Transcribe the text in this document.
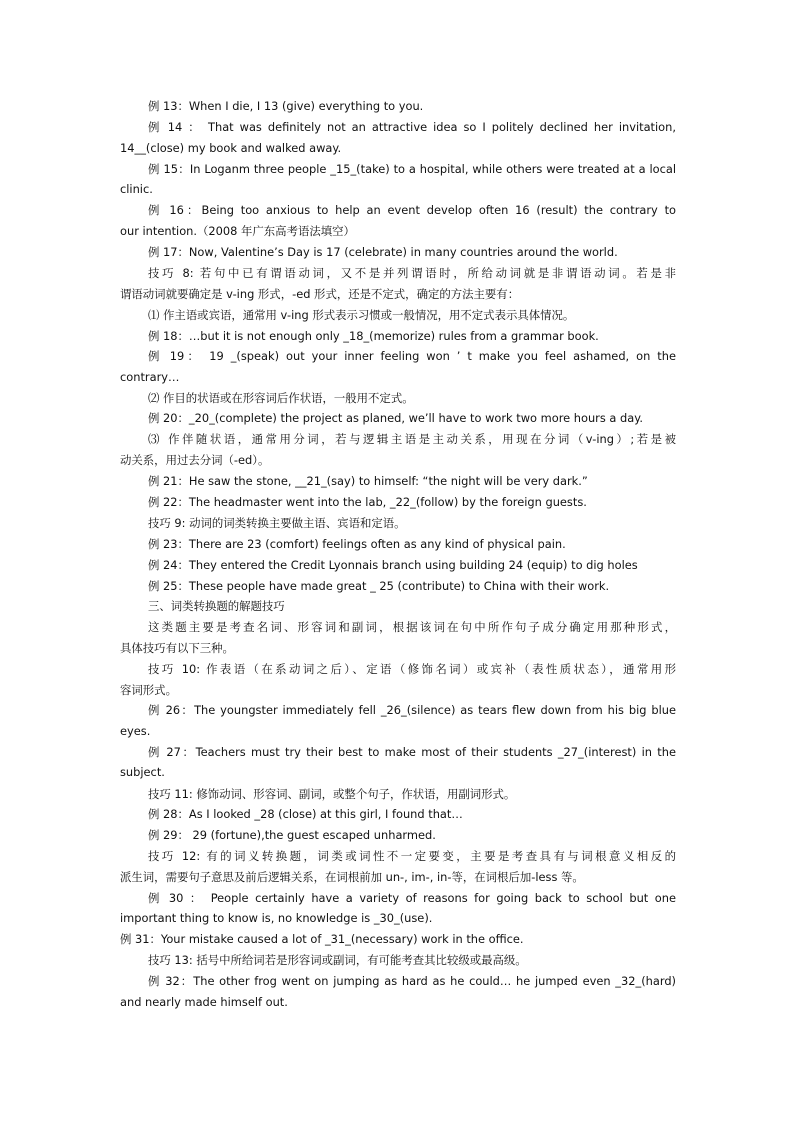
例 13：When I die, I 13 (give) everything to you.

例 14 ： That was definitely not an attractive idea so I politely declined her invitation,

14__(close) my book and walked away.

例 15：In Loganm three people _15_(take) to a hospital, while others were treated at a local

clinic.

例 16：Being too anxious to help an event develop often 16 (result) the contrary to

our intention.（2008 年广东高考语法填空）

例 17：Now, Valentine’s Day is 17 (celebrate) in many countries around the world.

技巧 8: 若句中已有谓语动词，又不是并列谓语时，所给动词就是非谓语动词。若是非

谓语动词就要确定是 v-ing 形式，-ed 形式，还是不定式，确定的方法主要有：

⑴ 作主语或宾语，通常用 v-ing 形式表示习惯或一般情况，用不定式表示具体情况。

例 18：…but it is not enough only _18_(memorize) rules from a grammar book.

例 19： 19 _(speak) out your inner feeling won ’ t make you feel ashamed, on the

contrary…

⑵ 作目的状语或在形容词后作状语，一般用不定式。

例 20：_20_(complete) the project as planed, we’ll have to work two more hours a day.

⑶ 作伴随状语，通常用分词，若与逻辑主语是主动关系，用现在分词（v-ing）;若是被

动关系，用过去分词（-ed）。

例 21：He saw the stone, __21_(say) to himself: “the night will be very dark.”

例 22：The headmaster went into the lab, _22_(follow) by the foreign guests.

技巧 9: 动词的词类转换主要做主语、宾语和定语。

例 23：There are 23 (comfort) feelings often as any kind of physical pain.

例 24：They entered the Credit Lyonnais branch using building 24 (equip) to dig holes

例 25：These people have made great _ 25 (contribute) to China with their work.

三、词类转换题的解题技巧

这类题主要是考查名词、形容词和副词，根据该词在句中所作句子成分确定用那种形式，

具体技巧有以下三种。

技巧 10: 作表语（在系动词之后）、定语（修饰名词）或宾补（表性质状态），通常用形

容词形式。

例 26：The youngster immediately fell _26_(silence) as tears flew down from his big blue

eyes.

例 27：Teachers must try their best to make most of their students _27_(interest) in the

subject.

技巧 11: 修饰动词、形容词、副词，或整个句子，作状语，用副词形式。

例 28：As I looked _28 (close) at this girl, I found that…

例 29： 29 (fortune),the guest escaped unharmed.

技巧 12: 有的词义转换题，词类或词性不一定要变，主要是考查具有与词根意义相反的

派生词，需要句子意思及前后逻辑关系，在词根前加 un-, im-, in-等，在词根后加-less 等。

例 30 ： People certainly have a variety of reasons for going back to school but one

important thing to know is, no knowledge is _30_(use).

例 31：Your mistake caused a lot of _31_(necessary) work in the office.

技巧 13: 括号中所给词若是形容词或副词，有可能考查其比较级或最高级。

例 32：The other frog went on jumping as hard as he could… he jumped even _32_(hard)

and nearly made himself out.
